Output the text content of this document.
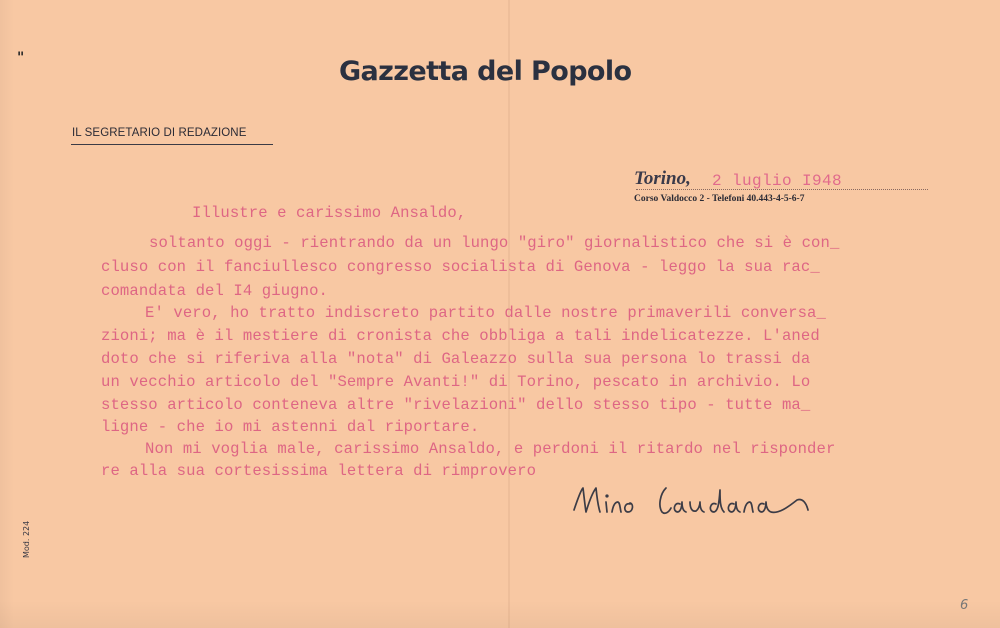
"	Gazzetta del Popolo
IL SEGRETARIO DI REDAZIONE
Torino, 2 luglio I948
Corso Valdocco 2 - Telefoni 40.443-4-5-6-7
Illustre e carissimo Ansaldo,
soltanto oggi - rientrando da un lungo "giro" giornalistico che si è con_
cluso con il fanciullesco congresso socialista di Genova - leggo la sua rac_
comandata del I4 giugno.
E' vero, ho tratto indiscreto partito dalle nostre primaverili conversa_
zioni; ma è il mestiere di cronista che obbliga a tali indelicatezze. L'aned
doto che si riferiva alla "nota" di Galeazzo sulla sua persona lo trassi da
un vecchio articolo del "Sempre Avanti!" di Torino, pescato in archivio. Lo
stesso articolo conteneva altre "rivelazioni" dello stesso tipo - tutte ma_
ligne - che io mi astenni dal riportare.
Non mi voglia male, carissimo Ansaldo, e perdoni il ritardo nel risponder
re alla sua cortesissima lettera di rimprovero
Mino Caudana
Mod. 224
6
